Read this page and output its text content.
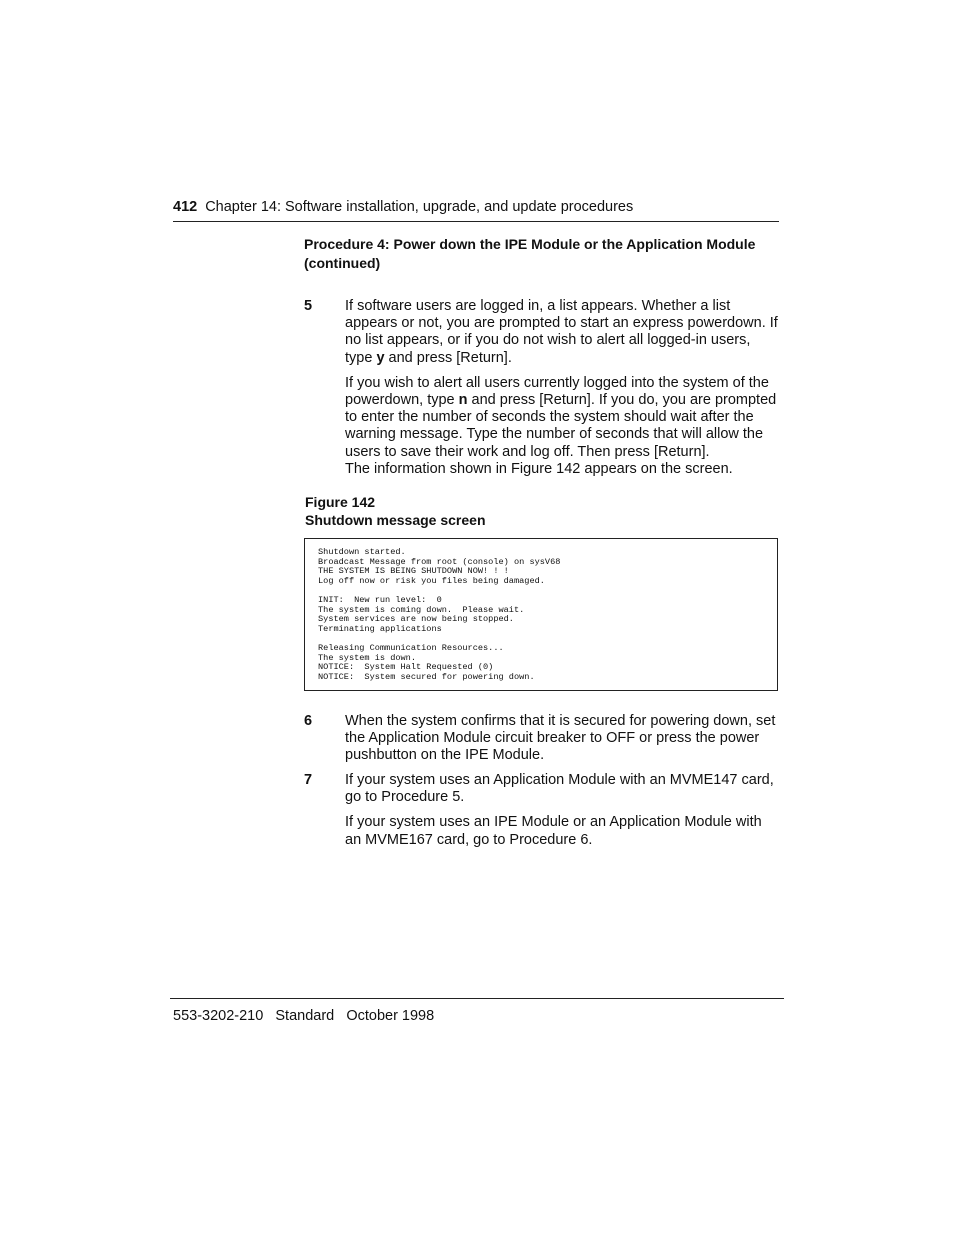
412 Chapter 14: Software installation, upgrade, and update procedures
Procedure 4: Power down the IPE Module or the Application Module
(continued)
5 If software users are logged in, a list appears. Whether a list appears or not, you are prompted to start an express powerdown. If no list appears, or if you do not wish to alert all logged-in users, type y and press [Return].

If you wish to alert all users currently logged into the system of the powerdown, type n and press [Return]. If you do, you are prompted to enter the number of seconds the system should wait after the warning message. Type the number of seconds that will allow the users to save their work and log off. Then press [Return].

The information shown in Figure 142 appears on the screen.
Figure 142
Shutdown message screen
Shutdown started.
Broadcast Message from root (console) on sysV68
THE SYSTEM IS BEING SHUTDOWN NOW! ! !
Log off now or risk you files being damaged.
INIT:  New run level:  0
The system is coming down.  Please wait.
System services are now being stopped.
Terminating applications
Releasing Communication Resources...
The system is down.
NOTICE:  System Halt Requested (0)
NOTICE:  System secured for powering down.
6 When the system confirms that it is secured for powering down, set the Application Module circuit breaker to OFF or press the power pushbutton on the IPE Module.

7 If your system uses an Application Module with an MVME147 card, go to Procedure 5.

If your system uses an IPE Module or an Application Module with an MVME167 card, go to Procedure 6.

553-3202-210   Standard   October 1998
